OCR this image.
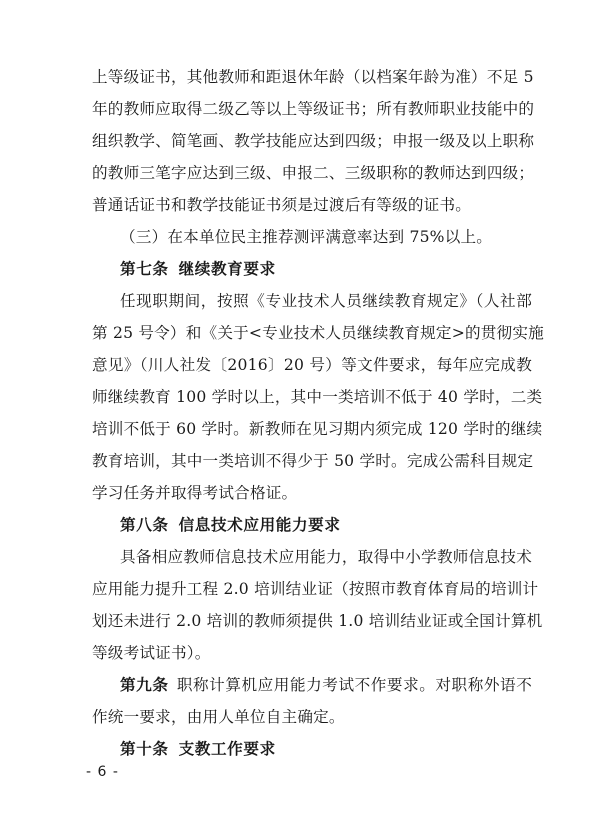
上等级证书，其他教师和距退休年龄（以档案年龄为准）不足 5
年的教师应取得二级乙等以上等级证书；所有教师职业技能中的
组织教学、简笔画、教学技能应达到四级；申报一级及以上职称
的教师三笔字应达到三级、申报二、三级职称的教师达到四级；
普通话证书和教学技能证书须是过渡后有等级的证书。
（三）在本单位民主推荐测评满意率达到 75%以上。
第七条 继续教育要求
任现职期间，按照《专业技术人员继续教育规定》（人社部
第 25 号令）和《关于<专业技术人员继续教育规定>的贯彻实施
意见》（川人社发〔2016〕20 号）等文件要求，每年应完成教
师继续教育 100 学时以上，其中一类培训不低于 40 学时，二类
培训不低于 60 学时。新教师在见习期内须完成 120 学时的继续
教育培训，其中一类培训不得少于 50 学时。完成公需科目规定
学习任务并取得考试合格证。
第八条 信息技术应用能力要求
具备相应教师信息技术应用能力，取得中小学教师信息技术
应用能力提升工程 2.0 培训结业证（按照市教育体育局的培训计
划还未进行 2.0 培训的教师须提供 1.0 培训结业证或全国计算机
等级考试证书）。
第九条 职称计算机应用能力考试不作要求。对职称外语不
作统一要求，由用人单位自主确定。
第十条 支教工作要求
- 6 -
